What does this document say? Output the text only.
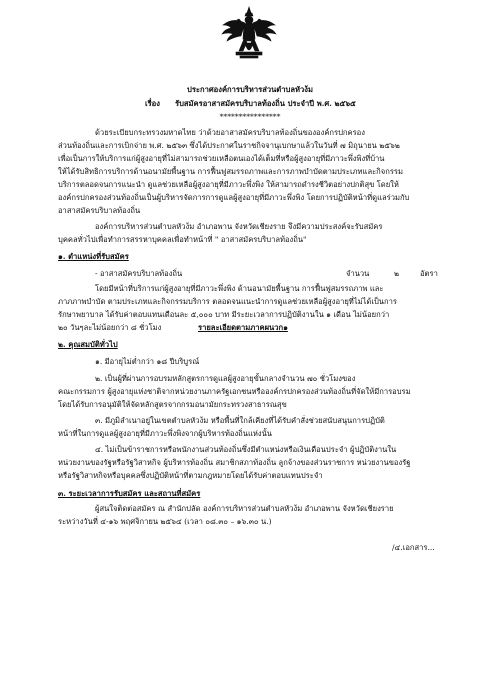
ประกาศองค์การบริหารส่วนตำบลหัวง้ม
เรื่อง รับสมัครอาสาสมัครบริบาลท้องถิ่น ประจำปี พ.ศ. ๒๕๖๕
****************
ด้วยระเบียบกระทรวงมหาดไทย ว่าด้วยอาสาสมัครบริบาลท้องถิ่นขององค์กรปกครอง
ส่วนท้องถิ่นและการเบิกจ่าย พ.ศ. ๒๕๖๓ ซึ่งได้ประกาศในราชกิจจานุเบกษาแล้วในวันที่ ๗ มิถุนายน ๒๕๖๒
เพื่อเป็นการให้บริการแก่ผู้สูงอายุที่ไม่สามารถช่วยเหลือตนเองได้เต็มที่หรือผู้สูงอายุที่มีภาวะพึ่งพิงที่บ้าน
ให้ได้รับสิทธิการบริการด้านอนามัยพื้นฐาน การฟื้นฟูสมรรถภาพและการภาพบำบัดตามประเภทและกิจกรรม
บริการตลอดจนการแนะนำ ดูแลช่วยเหลือผู้สูงอายุที่มีภาวะพึ่งพิง ให้สามารถดำรงชีวิตอย่างปกติสุข โดยให้
องค์กรปกครองส่วนท้องถิ่นเป็นผู้บริหารจัดการการดูแลผู้สูงอายุที่มีภาวะพึ่งพิง โดยการปฏิบัติหน้าที่ดูแลร่วมกับ
อาสาสมัครบริบาลท้องถิ่น
องค์การบริหารส่วนตำบลหัวง้ม อำเภอพาน จังหวัดเชียงราย จึงมีความประสงค์จะรับสมัคร
บุคคลทั่วไปเพื่อทำการสรรหาบุคคลเพื่อทำหน้าที่ " อาสาสมัครบริบาลท้องถิ่น"
๑. ตำแหน่งที่รับสมัคร
- อาสาสมัครบริบาลท้องถิ่น	จำนวน	๒	อัตรา
โดยมีหน้าที่บริการแก่ผู้สูงอายุที่มีภาวะพึ่งพิง ด้านอนามัยพื้นฐาน การฟื้นฟูสมรรถภาพ และ
ภาภภาพบำบัด ตามประเภทและกิจกรรมบริการ ตลอดจนแนะนำการดูแลช่วยเหลือผู้สูงอายุที่ไม่ได้เป็นการ
รักษาพยาบาล ได้รับค่าตอบแทนเดือนละ ๕,๐๐๐ บาท มีระยะเวลาการปฏิบัติงานใน ๑ เดือน ไม่น้อยกว่า
๒๐ วันๆละไม่น้อยกว่า ๘ ชั่วโมง	รายละเอียดตามภาคผนวก๑
๒. คุณสมบัติทั่วไป
๑. มีอายุไม่ต่ำกว่า ๑๘ ปีบริบูรณ์
๒. เป็นผู้ที่ผ่านการอบรมหลักสูตรการดูแลผู้สูงอายุขั้นกลางจำนวน ๗๐ ชั่วโมงของ
คณะกรรมการ ผู้สูงอายุแห่งชาติจากหน่วยงานภาครัฐเอกชนหรือองค์กรปกครองส่วนท้องถิ่นที่จัดให้มีการอบรม
โดยได้รับการอนุมัติให้จัดหลักสูตรจากกรมอนามัยกระทรวงสาธารณสุข
๓. มีภูมิลำเนาอยู่ในเขตตำบลหัวง้ม หรือพื้นที่ใกล้เคียงที่ได้รับคำสั่งช่วยสนับสนุนการปฏิบัติ
หน้าที่ในการดูแลผู้สูงอายุที่มีภาวะพึ่งพิงจากผู้บริหารท้องถิ่นแห่งนั้น
๔. ไม่เป็นข้าราชการหรือพนักงานส่วนท้องถิ่นซึ่งมีตำแหน่งหรือเงินเดือนประจำ ผู้ปฏิบัติงานใน
หน่วยงานของรัฐหรือรัฐวิสาหกิจ ผู้บริหารท้องถิ่น สมาชิกสภาท้องถิ่น ลูกจ้างของส่วนราชการ หน่วยงานของรัฐ
หรือรัฐวิสาหกิจหรือบุคคลซึ่งปฏิบัติหน้าที่ตามกฎหมายโดยได้รับค่าตอบแทนประจำ
๓. ระยะเวลาการรับสมัคร และสถานที่สมัคร
ผู้สนใจติดต่อสมัคร ณ สำนักปลัด องค์การบริหารส่วนตำบลหัวง้ม อำเภอพาน จังหวัดเชียงราย
ระหว่างวันที่ ๔-๑๖ พฤศจิกายน ๒๕๖๔ (เวลา ๐๘.๓๐ – ๑๖.๓๐ น.)
/๔.เอกสาร...
